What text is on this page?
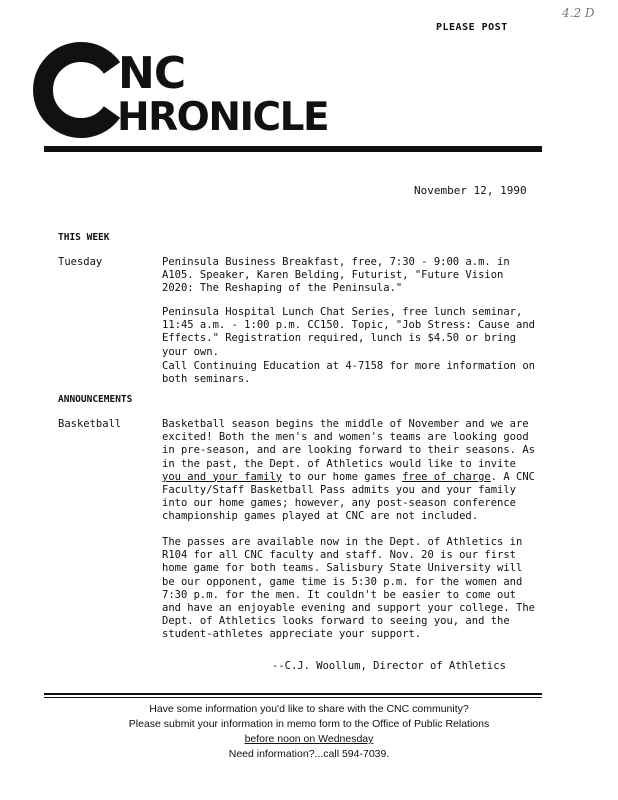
4.2 D
PLEASE POST
NC
HRONICLE
November 12, 1990
THIS WEEK
Tuesday	Peninsula Business Breakfast, free, 7:30 - 9:00 a.m. in A105. Speaker, Karen Belding, Futurist, "Future Vision 2020: The Reshaping of the Peninsula."
Peninsula Hospital Lunch Chat Series, free lunch seminar, 11:45 a.m. - 1:00 p.m. CC150. Topic, "Job Stress: Cause and Effects." Registration required, lunch is $4.50 or bring your own.
Call Continuing Education at 4-7158 for more information on both seminars.
ANNOUNCEMENTS
Basketball	Basketball season begins the middle of November and we are excited! Both the men's and women's teams are looking good in pre-season, and are looking forward to their seasons. As in the past, the Dept. of Athletics would like to invite you and your family to our home games free of charge. A CNC Faculty/Staff Basketball Pass admits you and your family into our home games; however, any post-season conference championship games played at CNC are not included.
The passes are available now in the Dept. of Athletics in R104 for all CNC faculty and staff. Nov. 20 is our first home game for both teams. Salisbury State University will be our opponent, game time is 5:30 p.m. for the women and 7:30 p.m. for the men. It couldn't be easier to come out and have an enjoyable evening and support your college. The Dept. of Athletics looks forward to seeing you, and the student-athletes appreciate your support.
--C.J. Woollum, Director of Athletics
Have some information you'd like to share with the CNC community?
Please submit your information in memo form to the Office of Public Relations
before noon on Wednesday
Need information?...call 594-7039.
